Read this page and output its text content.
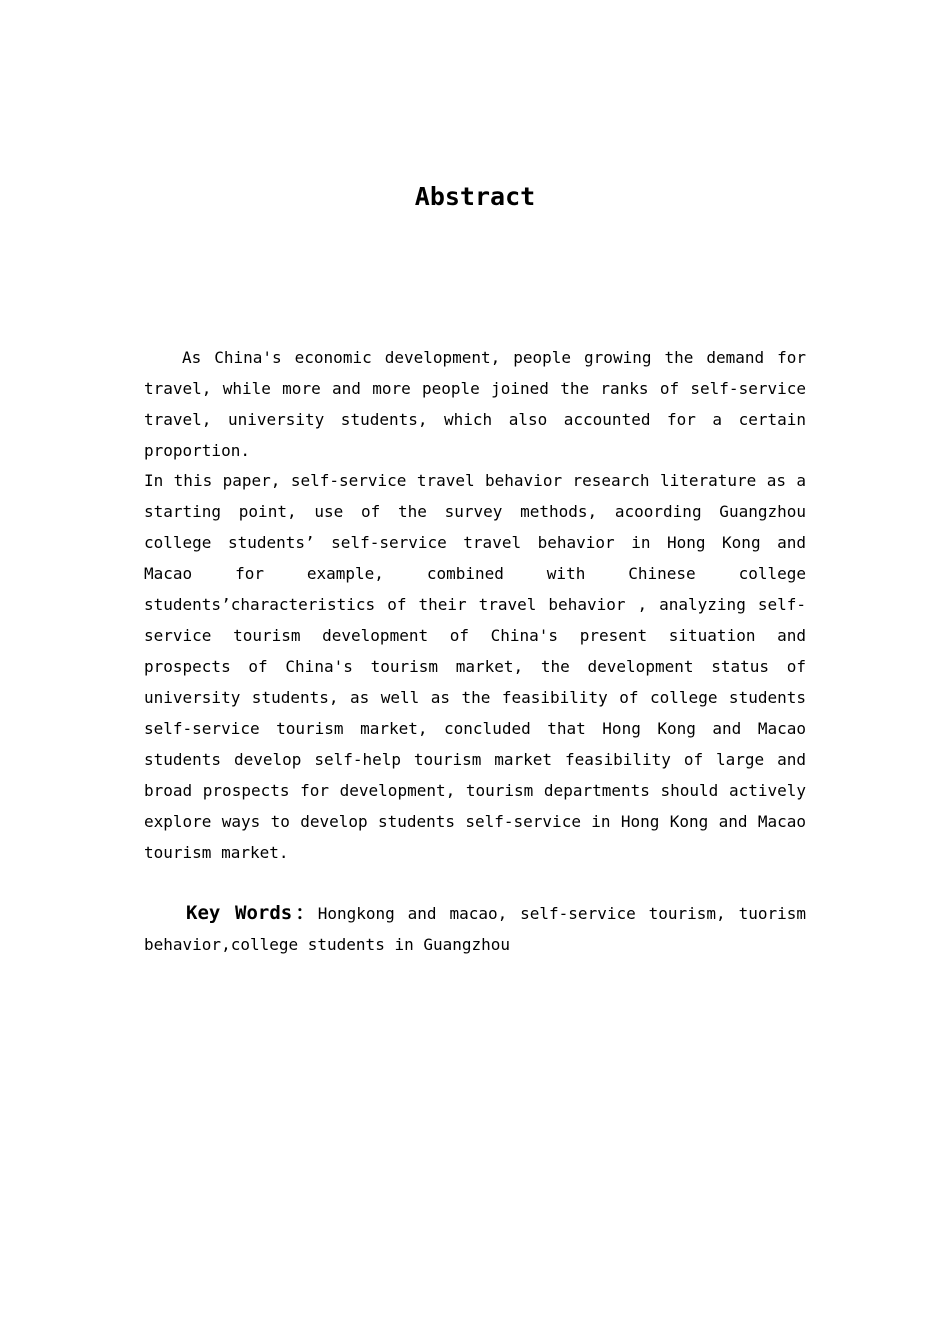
Abstract
As China's economic development, people growing the demand for travel, while more and more people joined the ranks of self-service travel, university students, which also accounted for a certain proportion.
In this paper, self-service travel behavior research literature as a starting point, use of the survey methods, acoording Guangzhou college students’ self-service travel behavior in Hong Kong and Macao for example, combined with Chinese college students’characteristics of their travel behavior , analyzing self-service tourism development of China's present situation and prospects of China's tourism market, the development status of university students, as well as the feasibility of college students self-service tourism market, concluded that Hong Kong and Macao students develop self-help tourism market feasibility of large and broad prospects for development, tourism departments should actively explore ways to develop students self-service in Hong Kong and Macao tourism market.
Key Words：Hongkong and macao, self-service tourism, tuorism behavior,college students in Guangzhou
